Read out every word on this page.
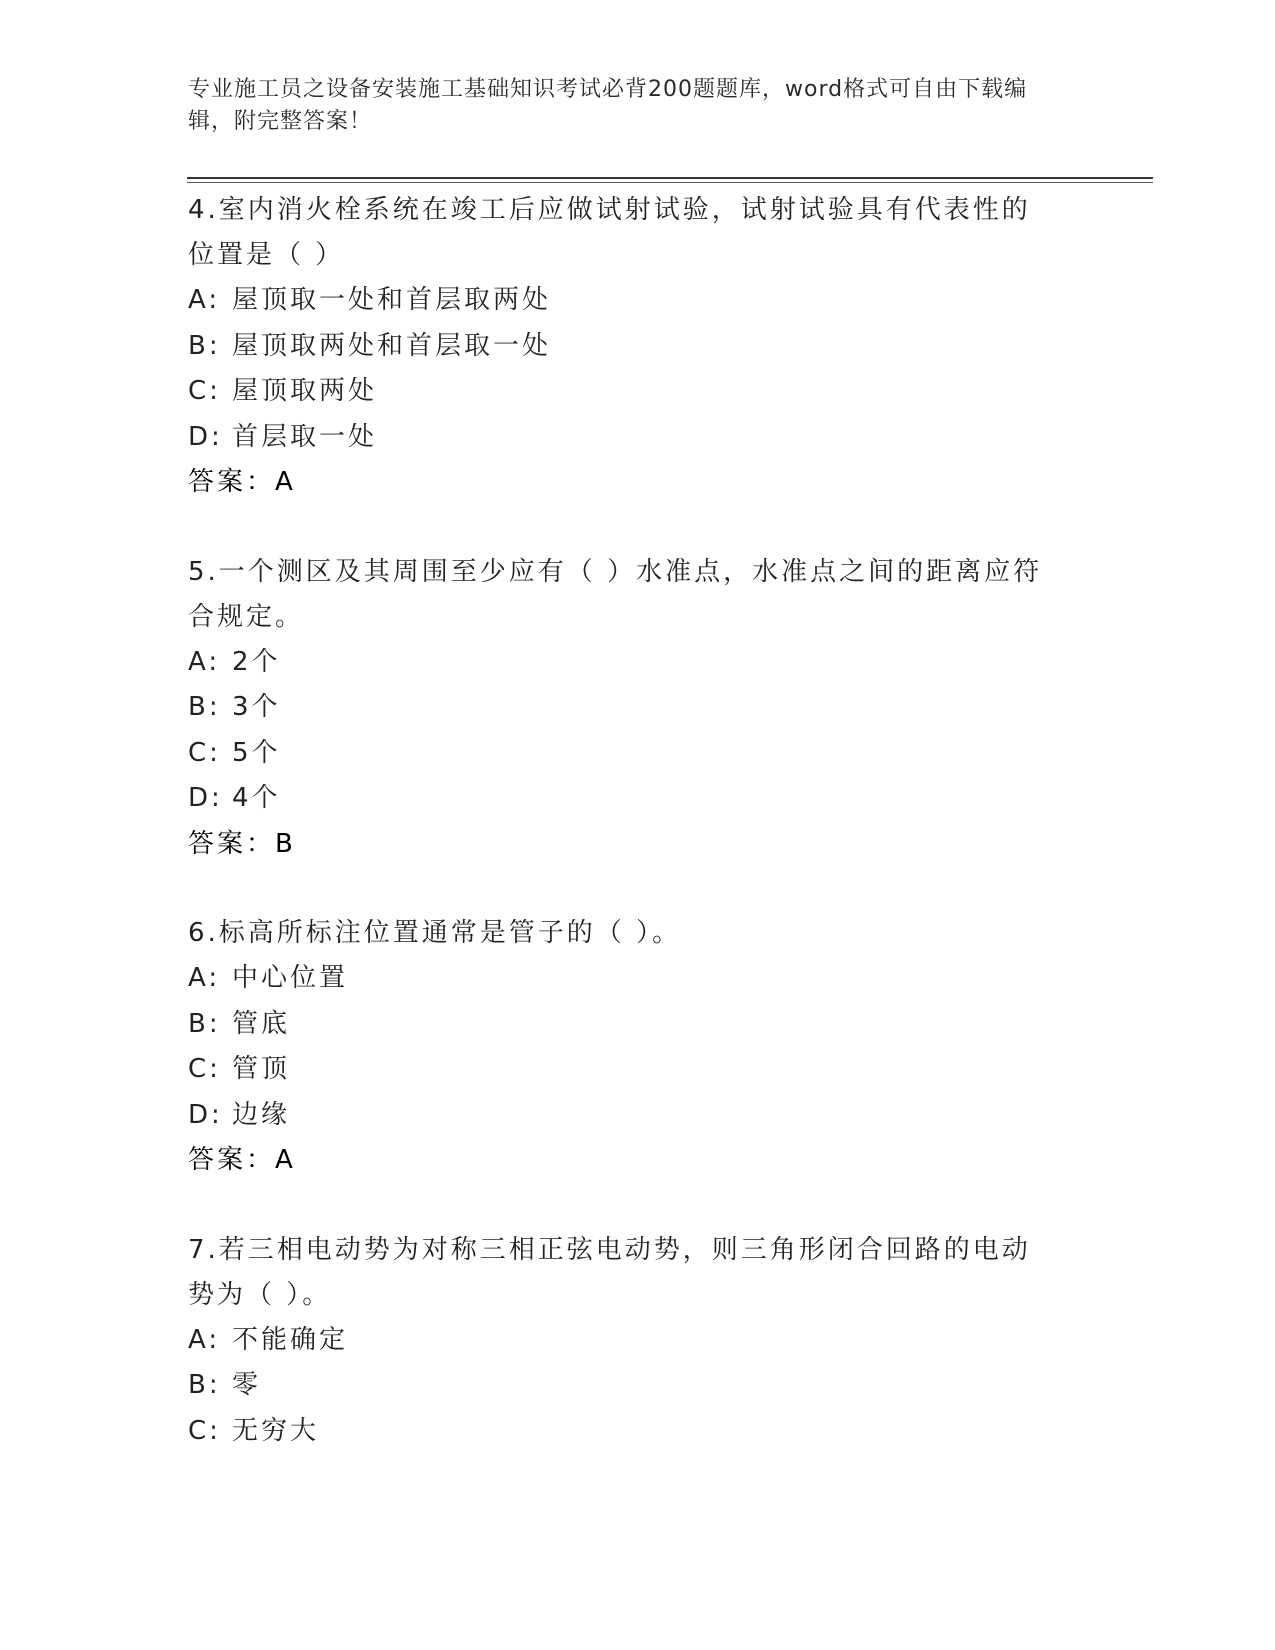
专业施工员之设备安装施工基础知识考试必背200题题库，word格式可自由下载编辑，附完整答案！

4.室内消火栓系统在竣工后应做试射试验，试射试验具有代表性的位置是（ ）

A: 屋顶取一处和首层取两处

B: 屋顶取两处和首层取一处

C: 屋顶取两处

D: 首层取一处

答案：A

5.一个测区及其周围至少应有（ ）水准点，水准点之间的距离应符合规定。

A: 2个

B: 3个

C: 5个

D: 4个

答案：B

6.标高所标注位置通常是管子的（ ）。

A: 中心位置

B: 管底

C: 管顶

D: 边缘

答案：A

7.若三相电动势为对称三相正弦电动势，则三角形闭合回路的电动势为（ ）。

A: 不能确定

B: 零

C: 无穷大
